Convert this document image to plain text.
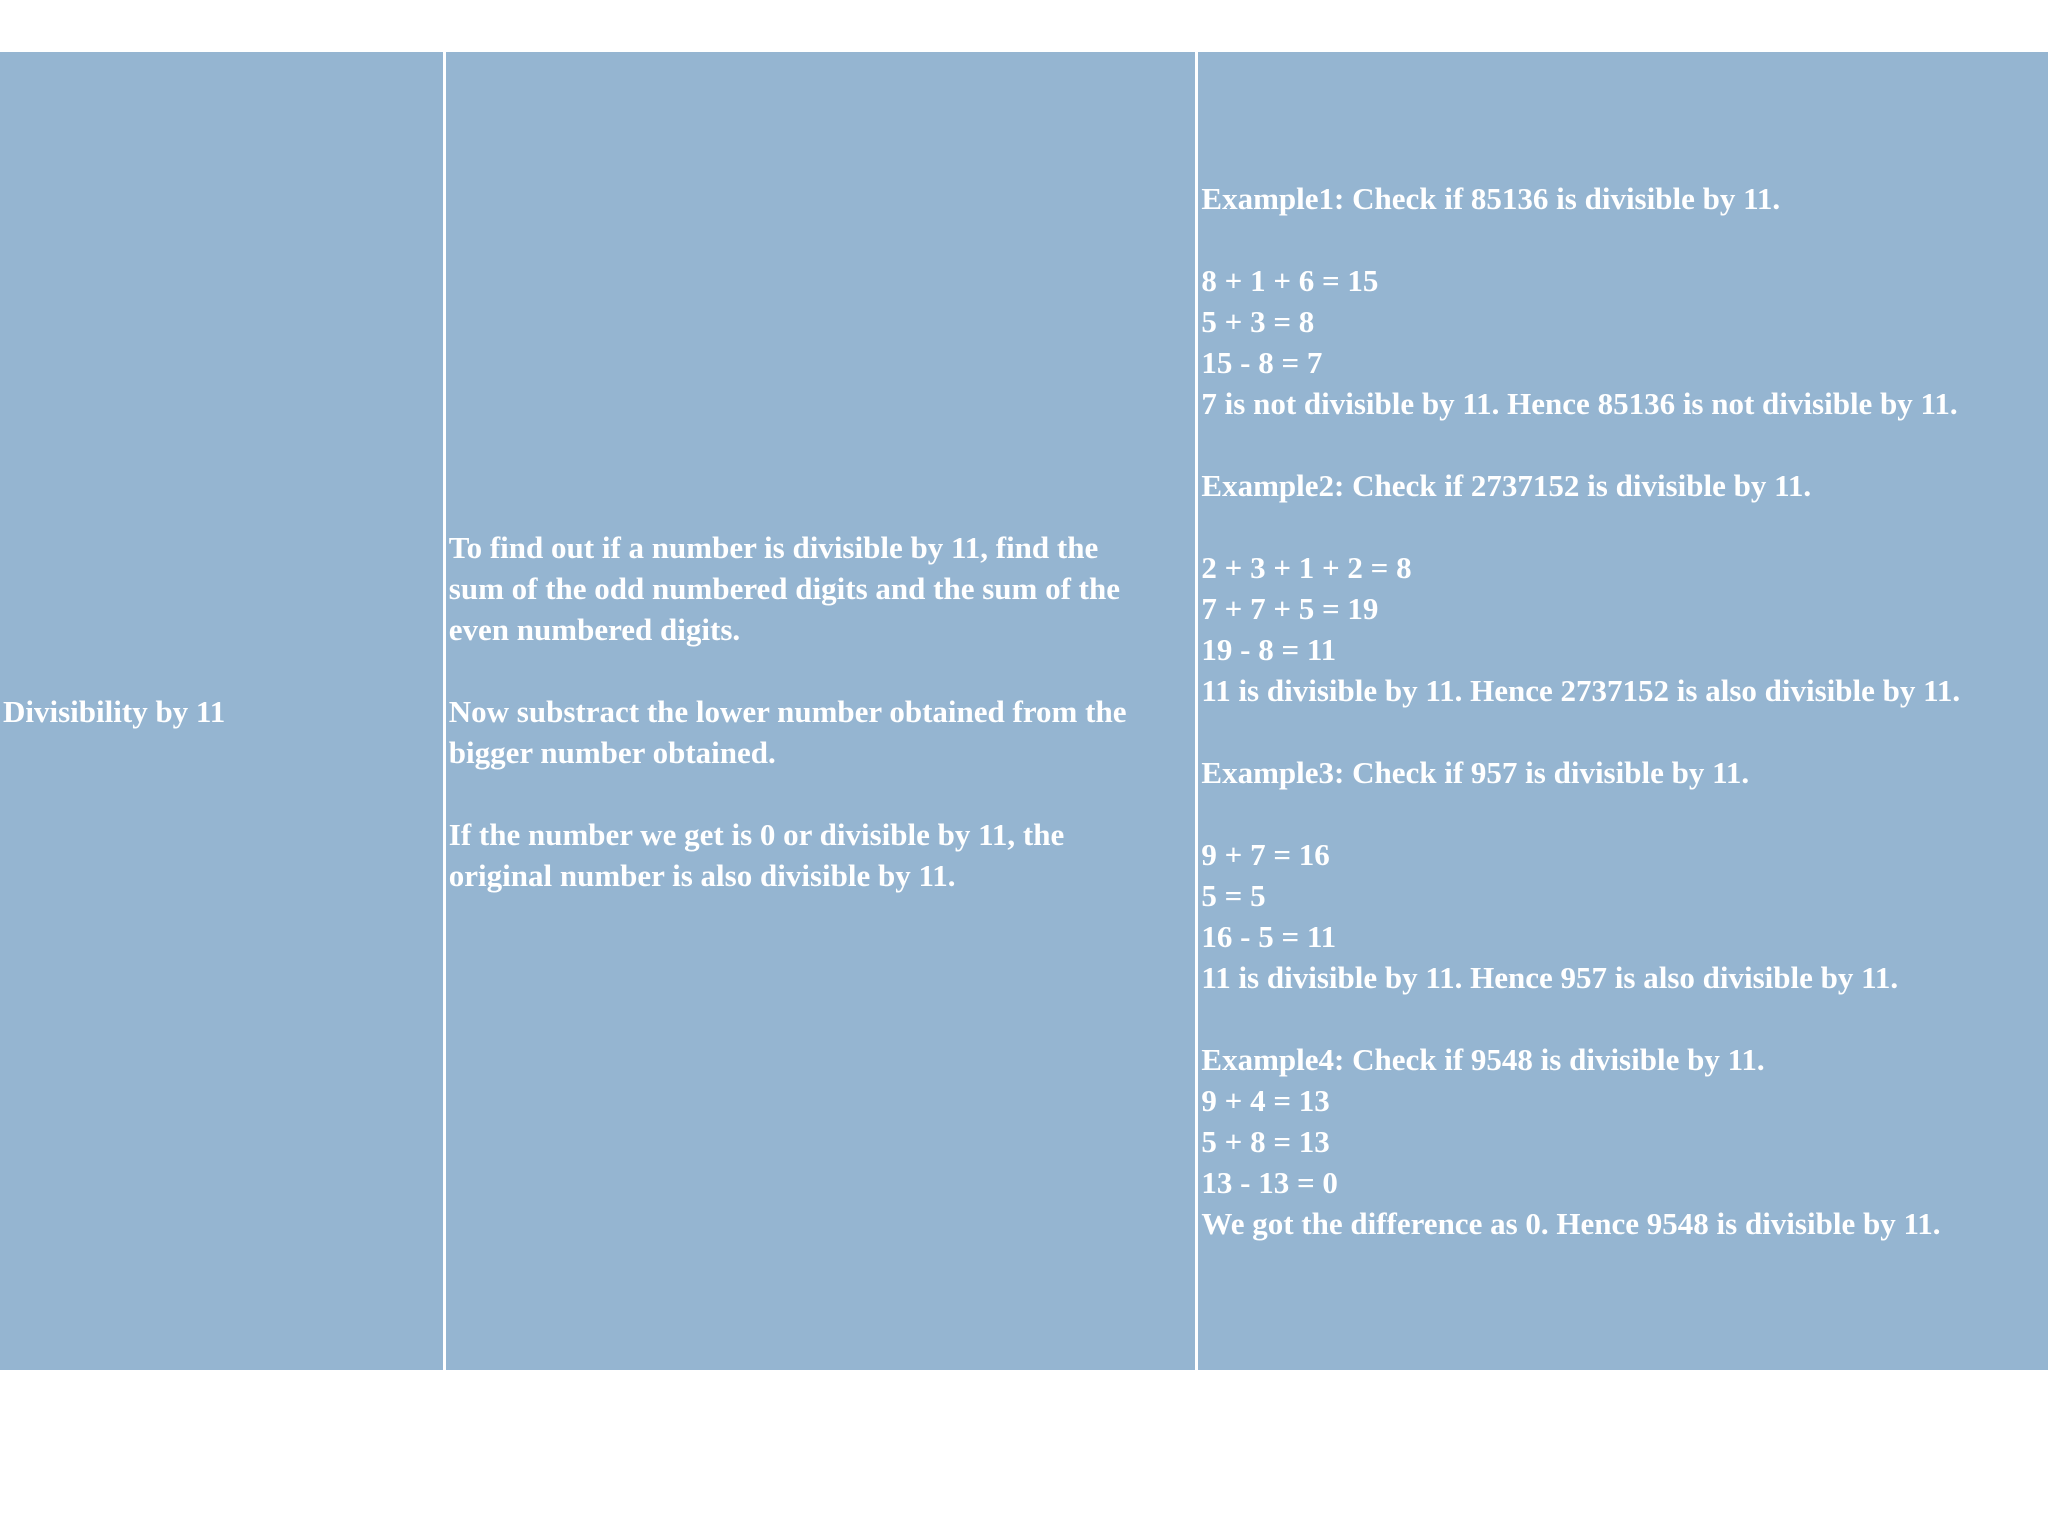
Divisibility by 11
To find out if a number is divisible by 11, find the
sum of the odd numbered digits and the sum of the
even numbered digits.
Now substract the lower number obtained from the
bigger number obtained.
If the number we get is 0 or divisible by 11, the
original number is also divisible by 11.
Example1: Check if 85136 is divisible by 11.
8 + 1 + 6 = 15
5 + 3 = 8
15 - 8 = 7
7 is not divisible by 11. Hence 85136 is not divisible by 11.
Example2: Check if 2737152 is divisible by 11.
2 + 3 + 1 + 2 = 8
7 + 7 + 5 = 19
19 - 8 = 11
11 is divisible by 11. Hence 2737152 is also divisible by 11.
Example3: Check if 957 is divisible by 11.
9 + 7 = 16
5 = 5
16 - 5 = 11
11 is divisible by 11. Hence 957 is also divisible by 11.
Example4: Check if 9548 is divisible by 11.
9 + 4 = 13
5 + 8 = 13
13 - 13 = 0
We got the difference as 0. Hence 9548 is divisible by 11.
